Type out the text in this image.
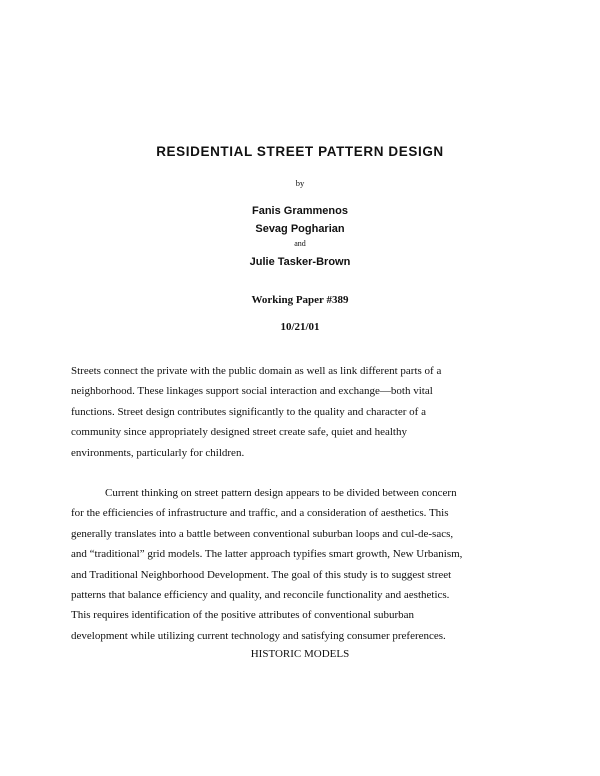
RESIDENTIAL STREET PATTERN DESIGN
by
Fanis Grammenos
Sevag Pogharian
and
Julie Tasker-Brown
Working Paper #389
10/21/01
Streets connect the private with the public domain as well as link different parts of a
neighborhood. These linkages support social interaction and exchange—both vital
functions. Street design contributes significantly to the quality and character of a
community since appropriately designed street create safe, quiet and healthy
environments, particularly for children.
Current thinking on street pattern design appears to be divided between concern
for the efficiencies of infrastructure and traffic, and a consideration of aesthetics. This
generally translates into a battle between conventional suburban loops and cul-de-sacs,
and “traditional” grid models. The latter approach typifies smart growth, New Urbanism,
and Traditional Neighborhood Development. The goal of this study is to suggest street
patterns that balance efficiency and quality, and reconcile functionality and aesthetics.
This requires identification of the positive attributes of conventional suburban
development while utilizing current technology and satisfying consumer preferences.
HISTORIC MODELS
